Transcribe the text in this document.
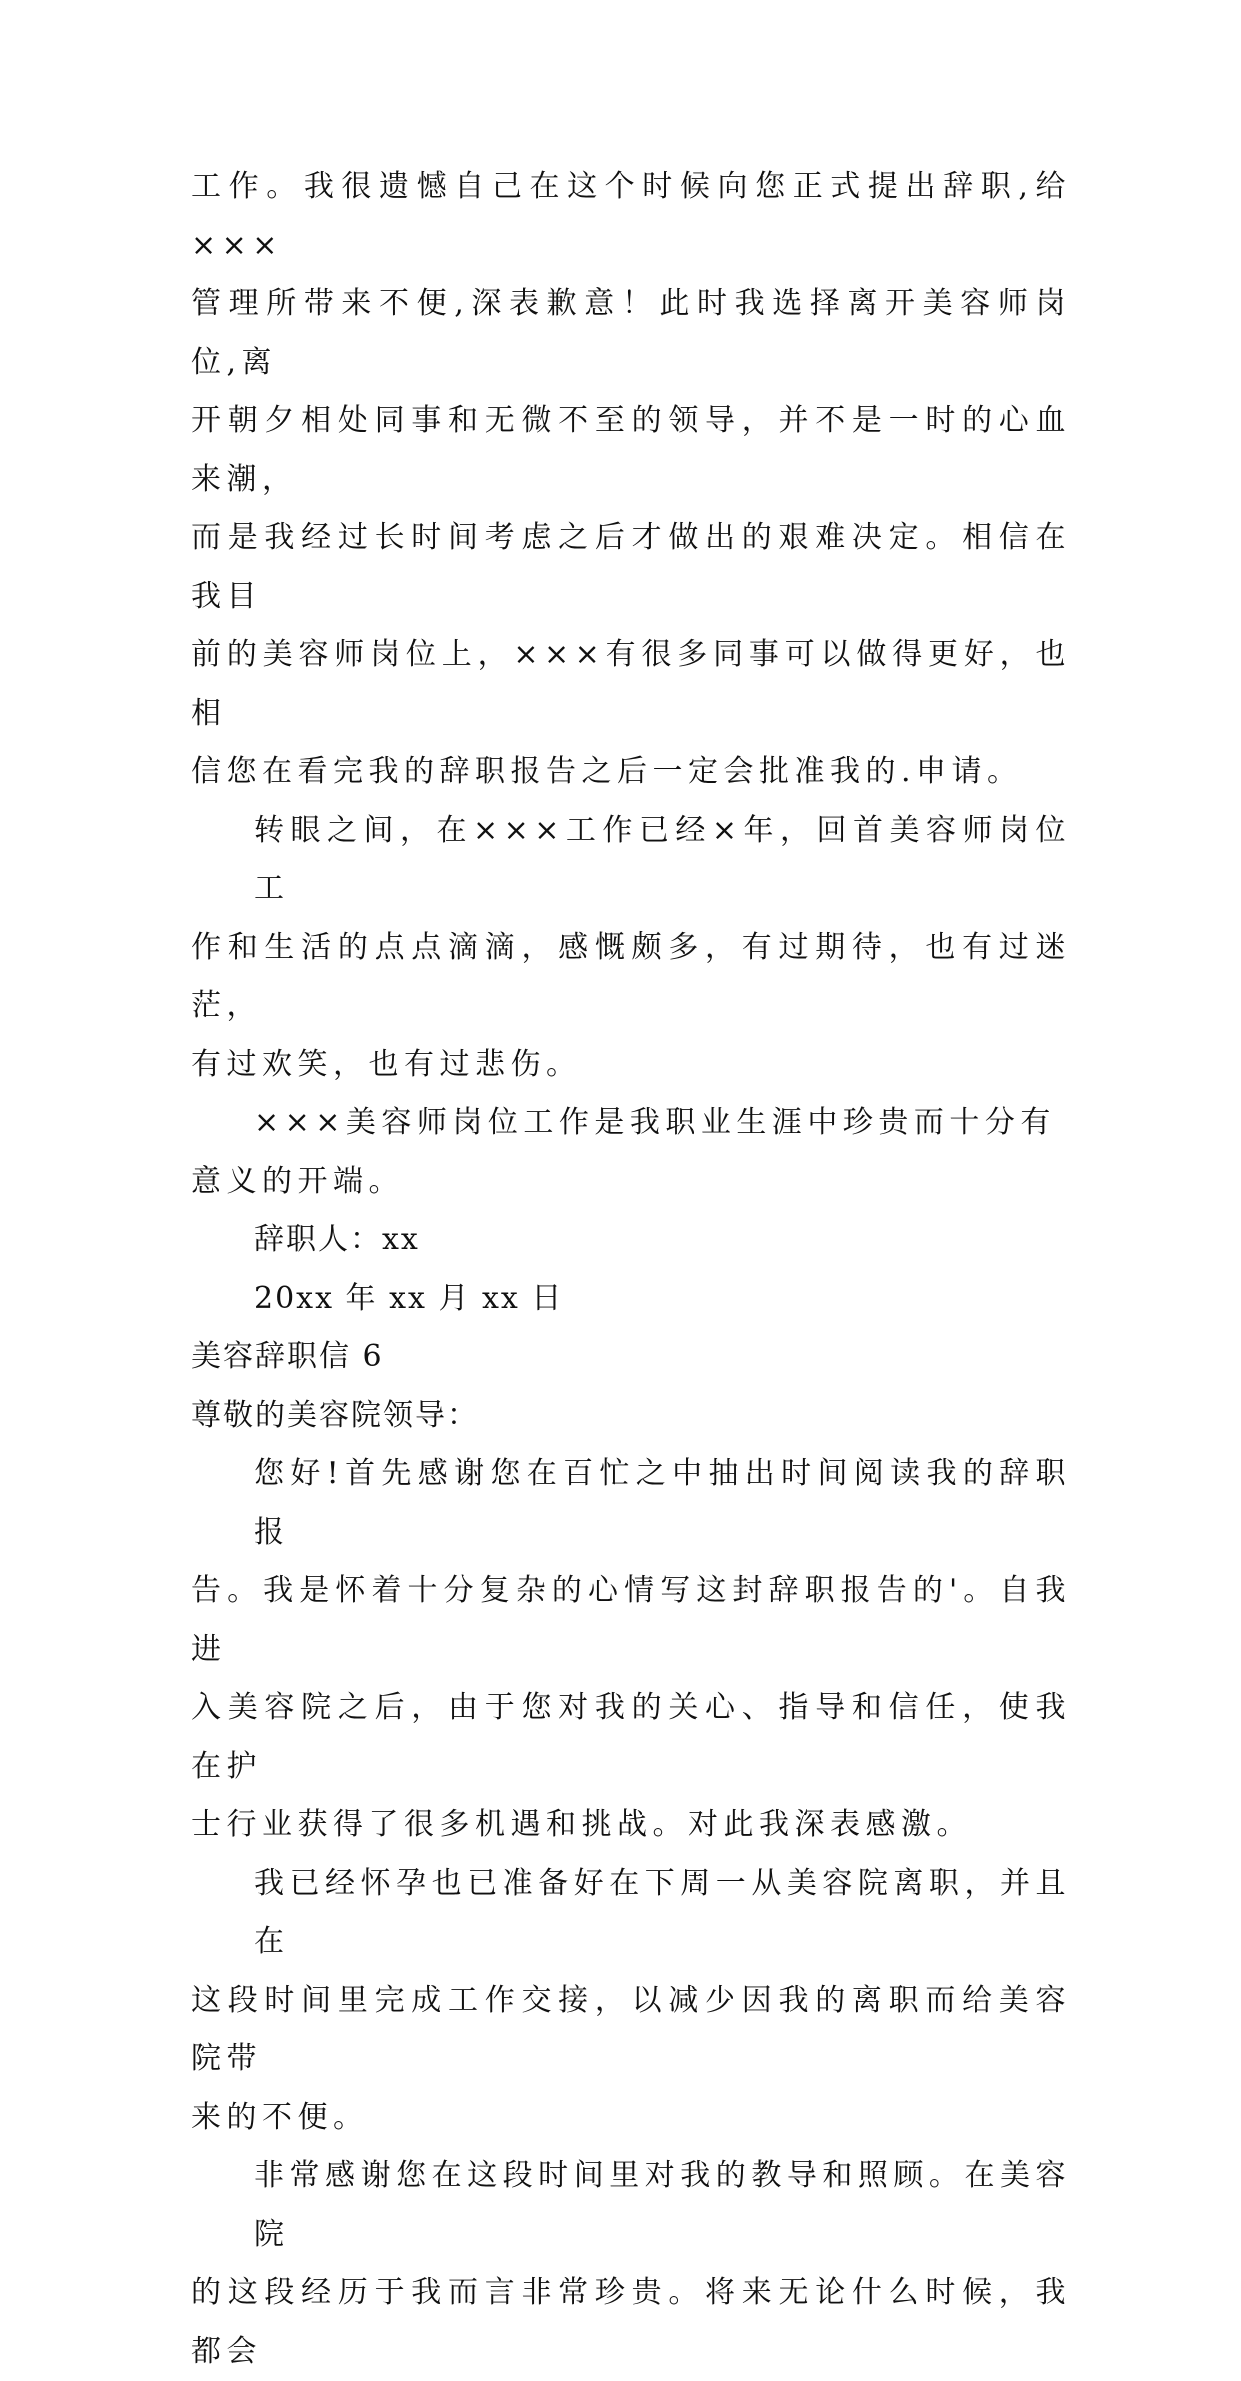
工作。我很遗憾自己在这个时候向您正式提出辞职,给×××
管理所带来不便,深表歉意！此时我选择离开美容师岗位,离
开朝夕相处同事和无微不至的领导，并不是一时的心血来潮，
而是我经过长时间考虑之后才做出的艰难决定。相信在我目
前的美容师岗位上，×××有很多同事可以做得更好，也相
信您在看完我的辞职报告之后一定会批准我的.申请。
转眼之间，在×××工作已经×年，回首美容师岗位工
作和生活的点点滴滴，感慨颇多，有过期待，也有过迷茫，
有过欢笑，也有过悲伤。
×××美容师岗位工作是我职业生涯中珍贵而十分有
意义的开端。
辞职人：xx
20xx 年 xx 月 xx 日
美容辞职信 6
尊敬的美容院领导：
您好!首先感谢您在百忙之中抽出时间阅读我的辞职报
告。我是怀着十分复杂的心情写这封辞职报告的'。自我进
入美容院之后，由于您对我的关心、指导和信任，使我在护
士行业获得了很多机遇和挑战。对此我深表感激。
我已经怀孕也已准备好在下周一从美容院离职，并且在
这段时间里完成工作交接，以减少因我的离职而给美容院带
来的不便。
非常感谢您在这段时间里对我的教导和照顾。在美容院
的这段经历于我而言非常珍贵。将来无论什么时候，我都会
